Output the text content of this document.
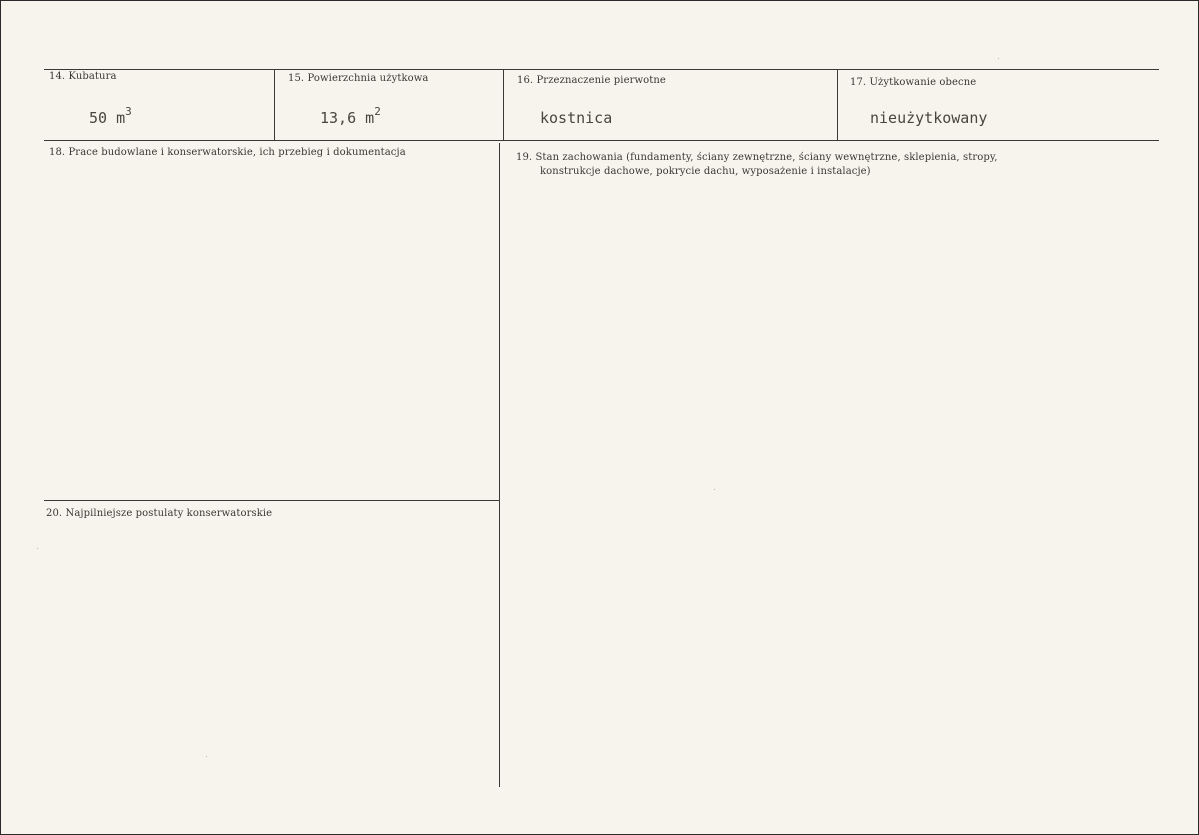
14. Kubatura
50 $m^3$
15. Powierzchnia użytkowa
13,6 $m^2$
16. Przeznaczenie pierwotne
kostnica
17. Użytkowanie obecne
nieużytkowany
18. Prace budowlane i konserwatorskie, ich przebieg i dokumentacja	19. Stan zachowania (fundamenty, ściany zewnętrzne, ściany wewnętrzne, sklepienia, stropy,
konstrukcje dachowe, pokrycie dachu, wyposażenie i instalacje)
20. Najpilniejsze postulaty konserwatorskie
